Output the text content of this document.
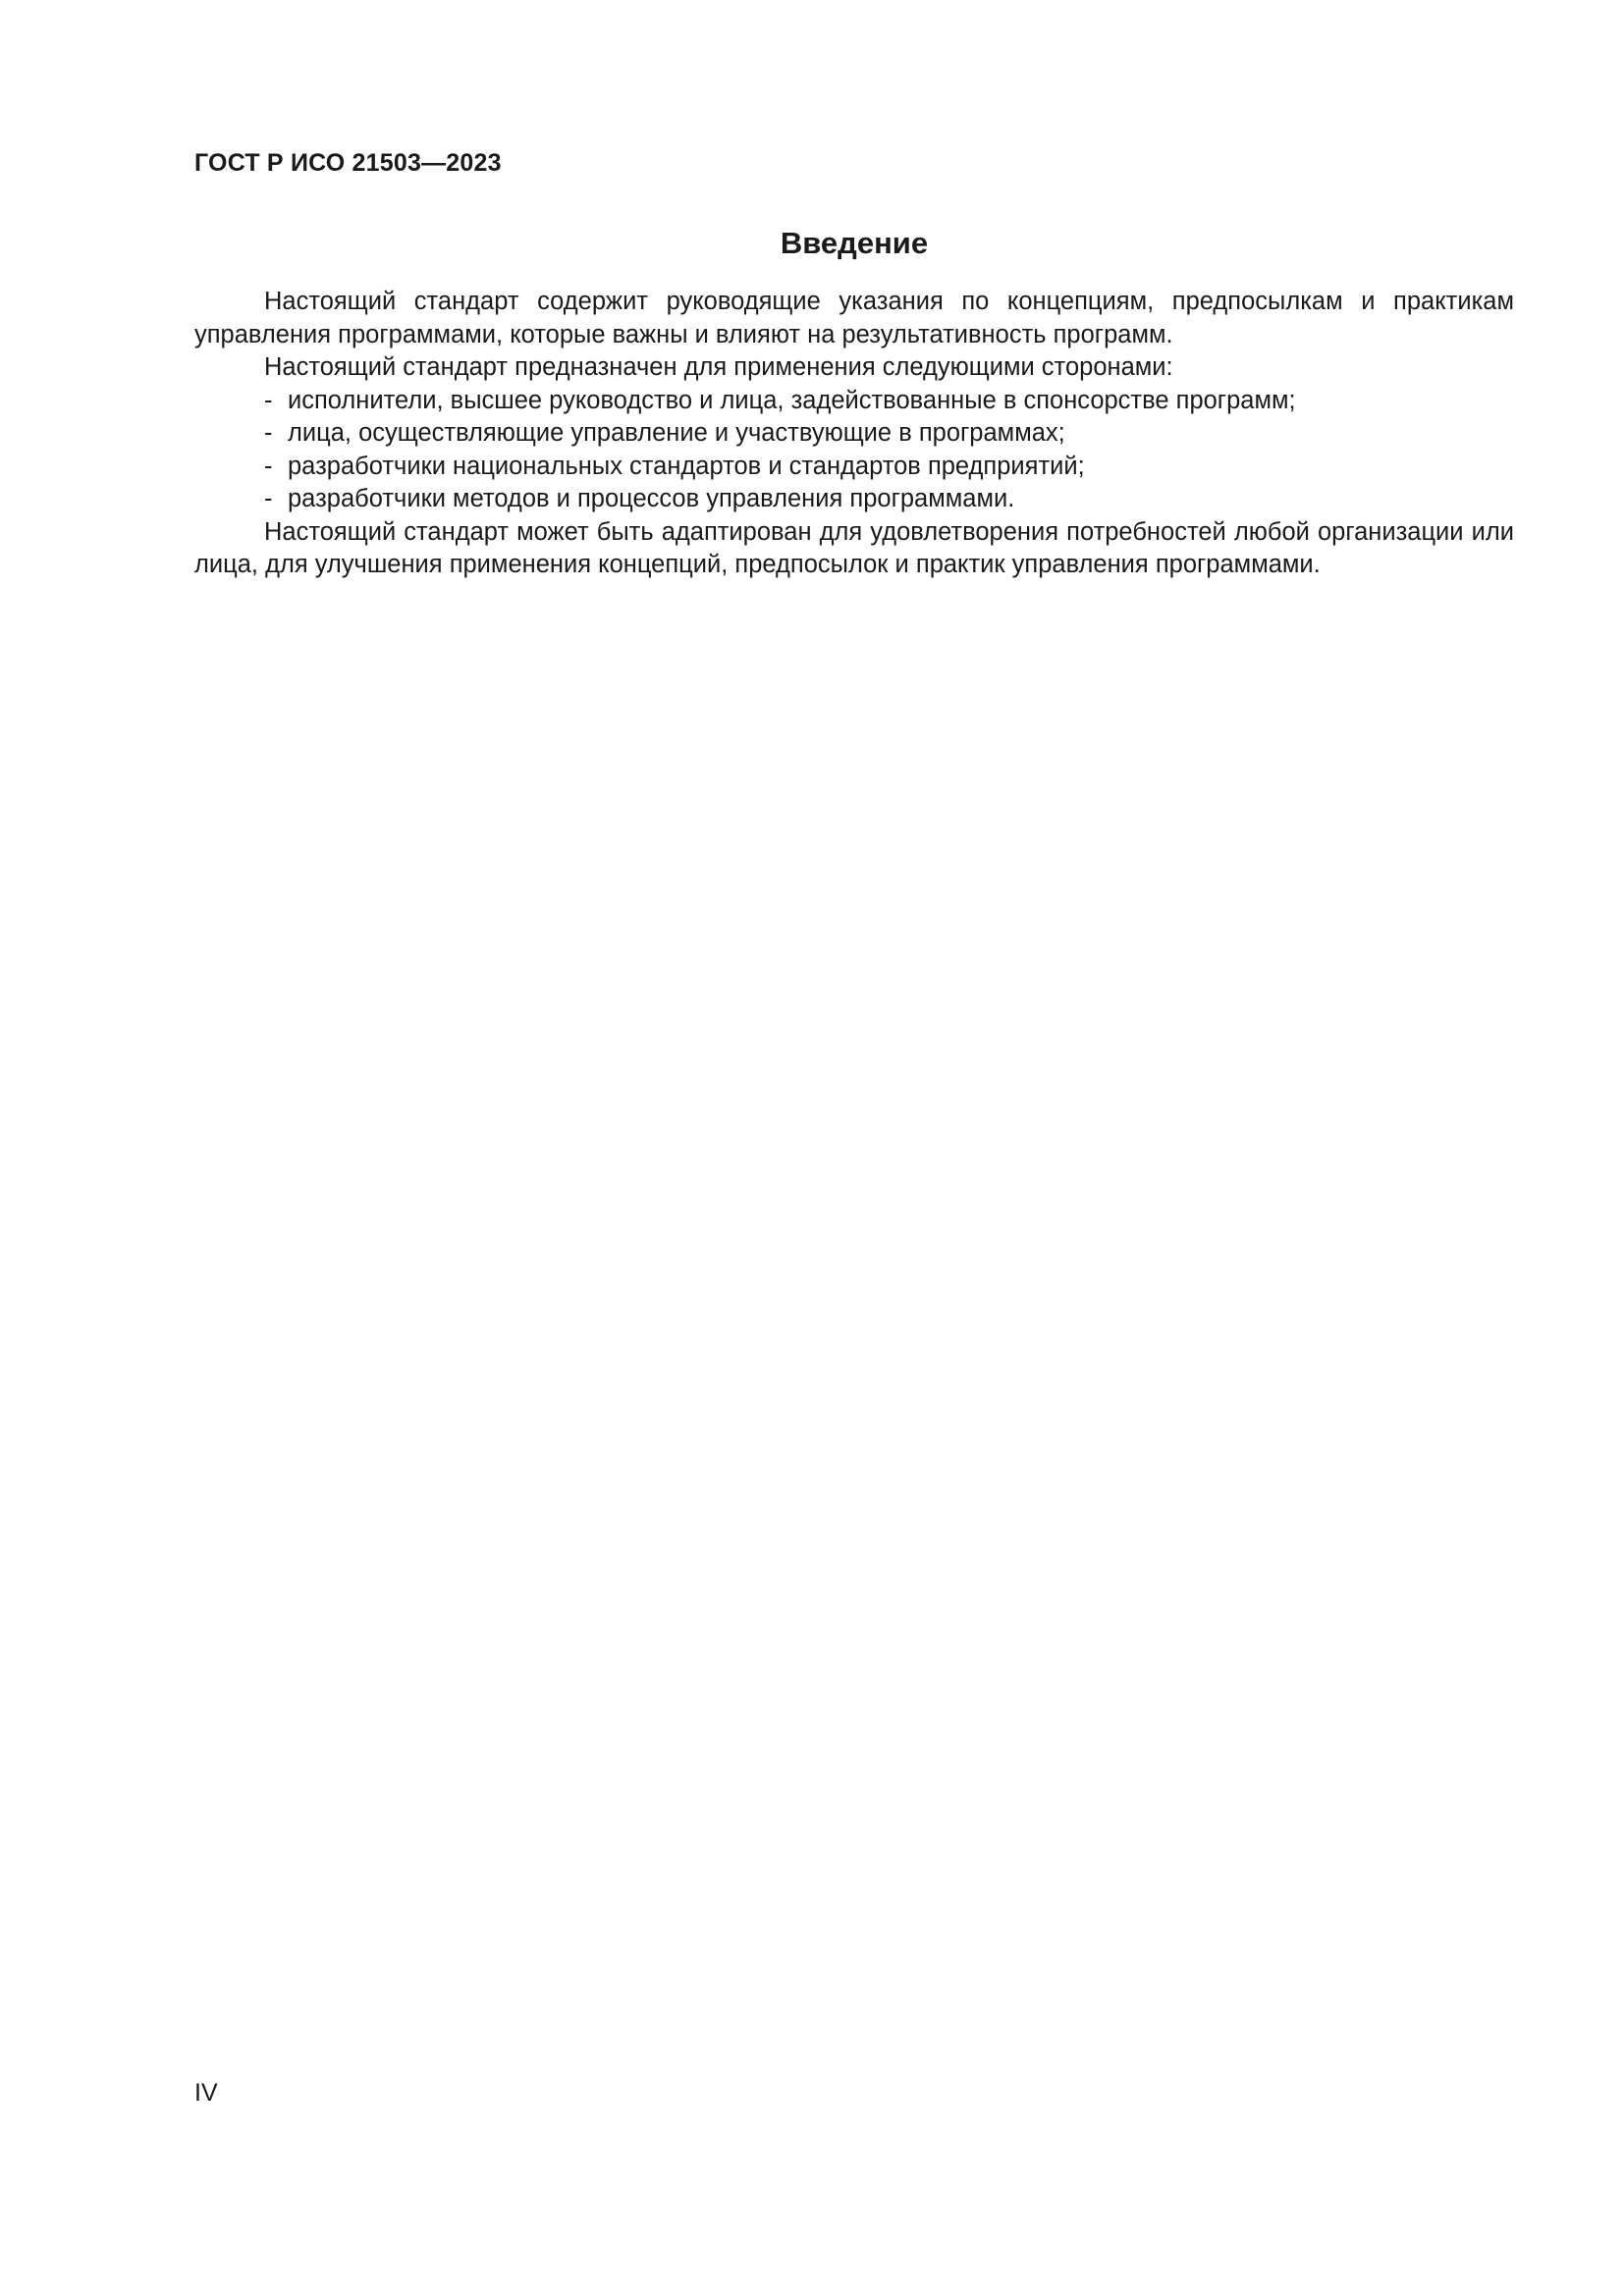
ГОСТ Р ИСО 21503—2023
Введение

Настоящий стандарт содержит руководящие указания по концепциям, предпосылкам и практикам управления программами, которые важны и влияют на результативность программ.

Настоящий стандарт предназначен для применения следующими сторонами:

- исполнители, высшее руководство и лица, задействованные в спонсорстве программ;
- лица, осуществляющие управление и участвующие в программах;
- разработчики национальных стандартов и стандартов предприятий;
- разработчики методов и процессов управления программами.

Настоящий стандарт может быть адаптирован для удовлетворения потребностей любой организации или лица, для улучшения применения концепций, предпосылок и практик управления программами.

IV
